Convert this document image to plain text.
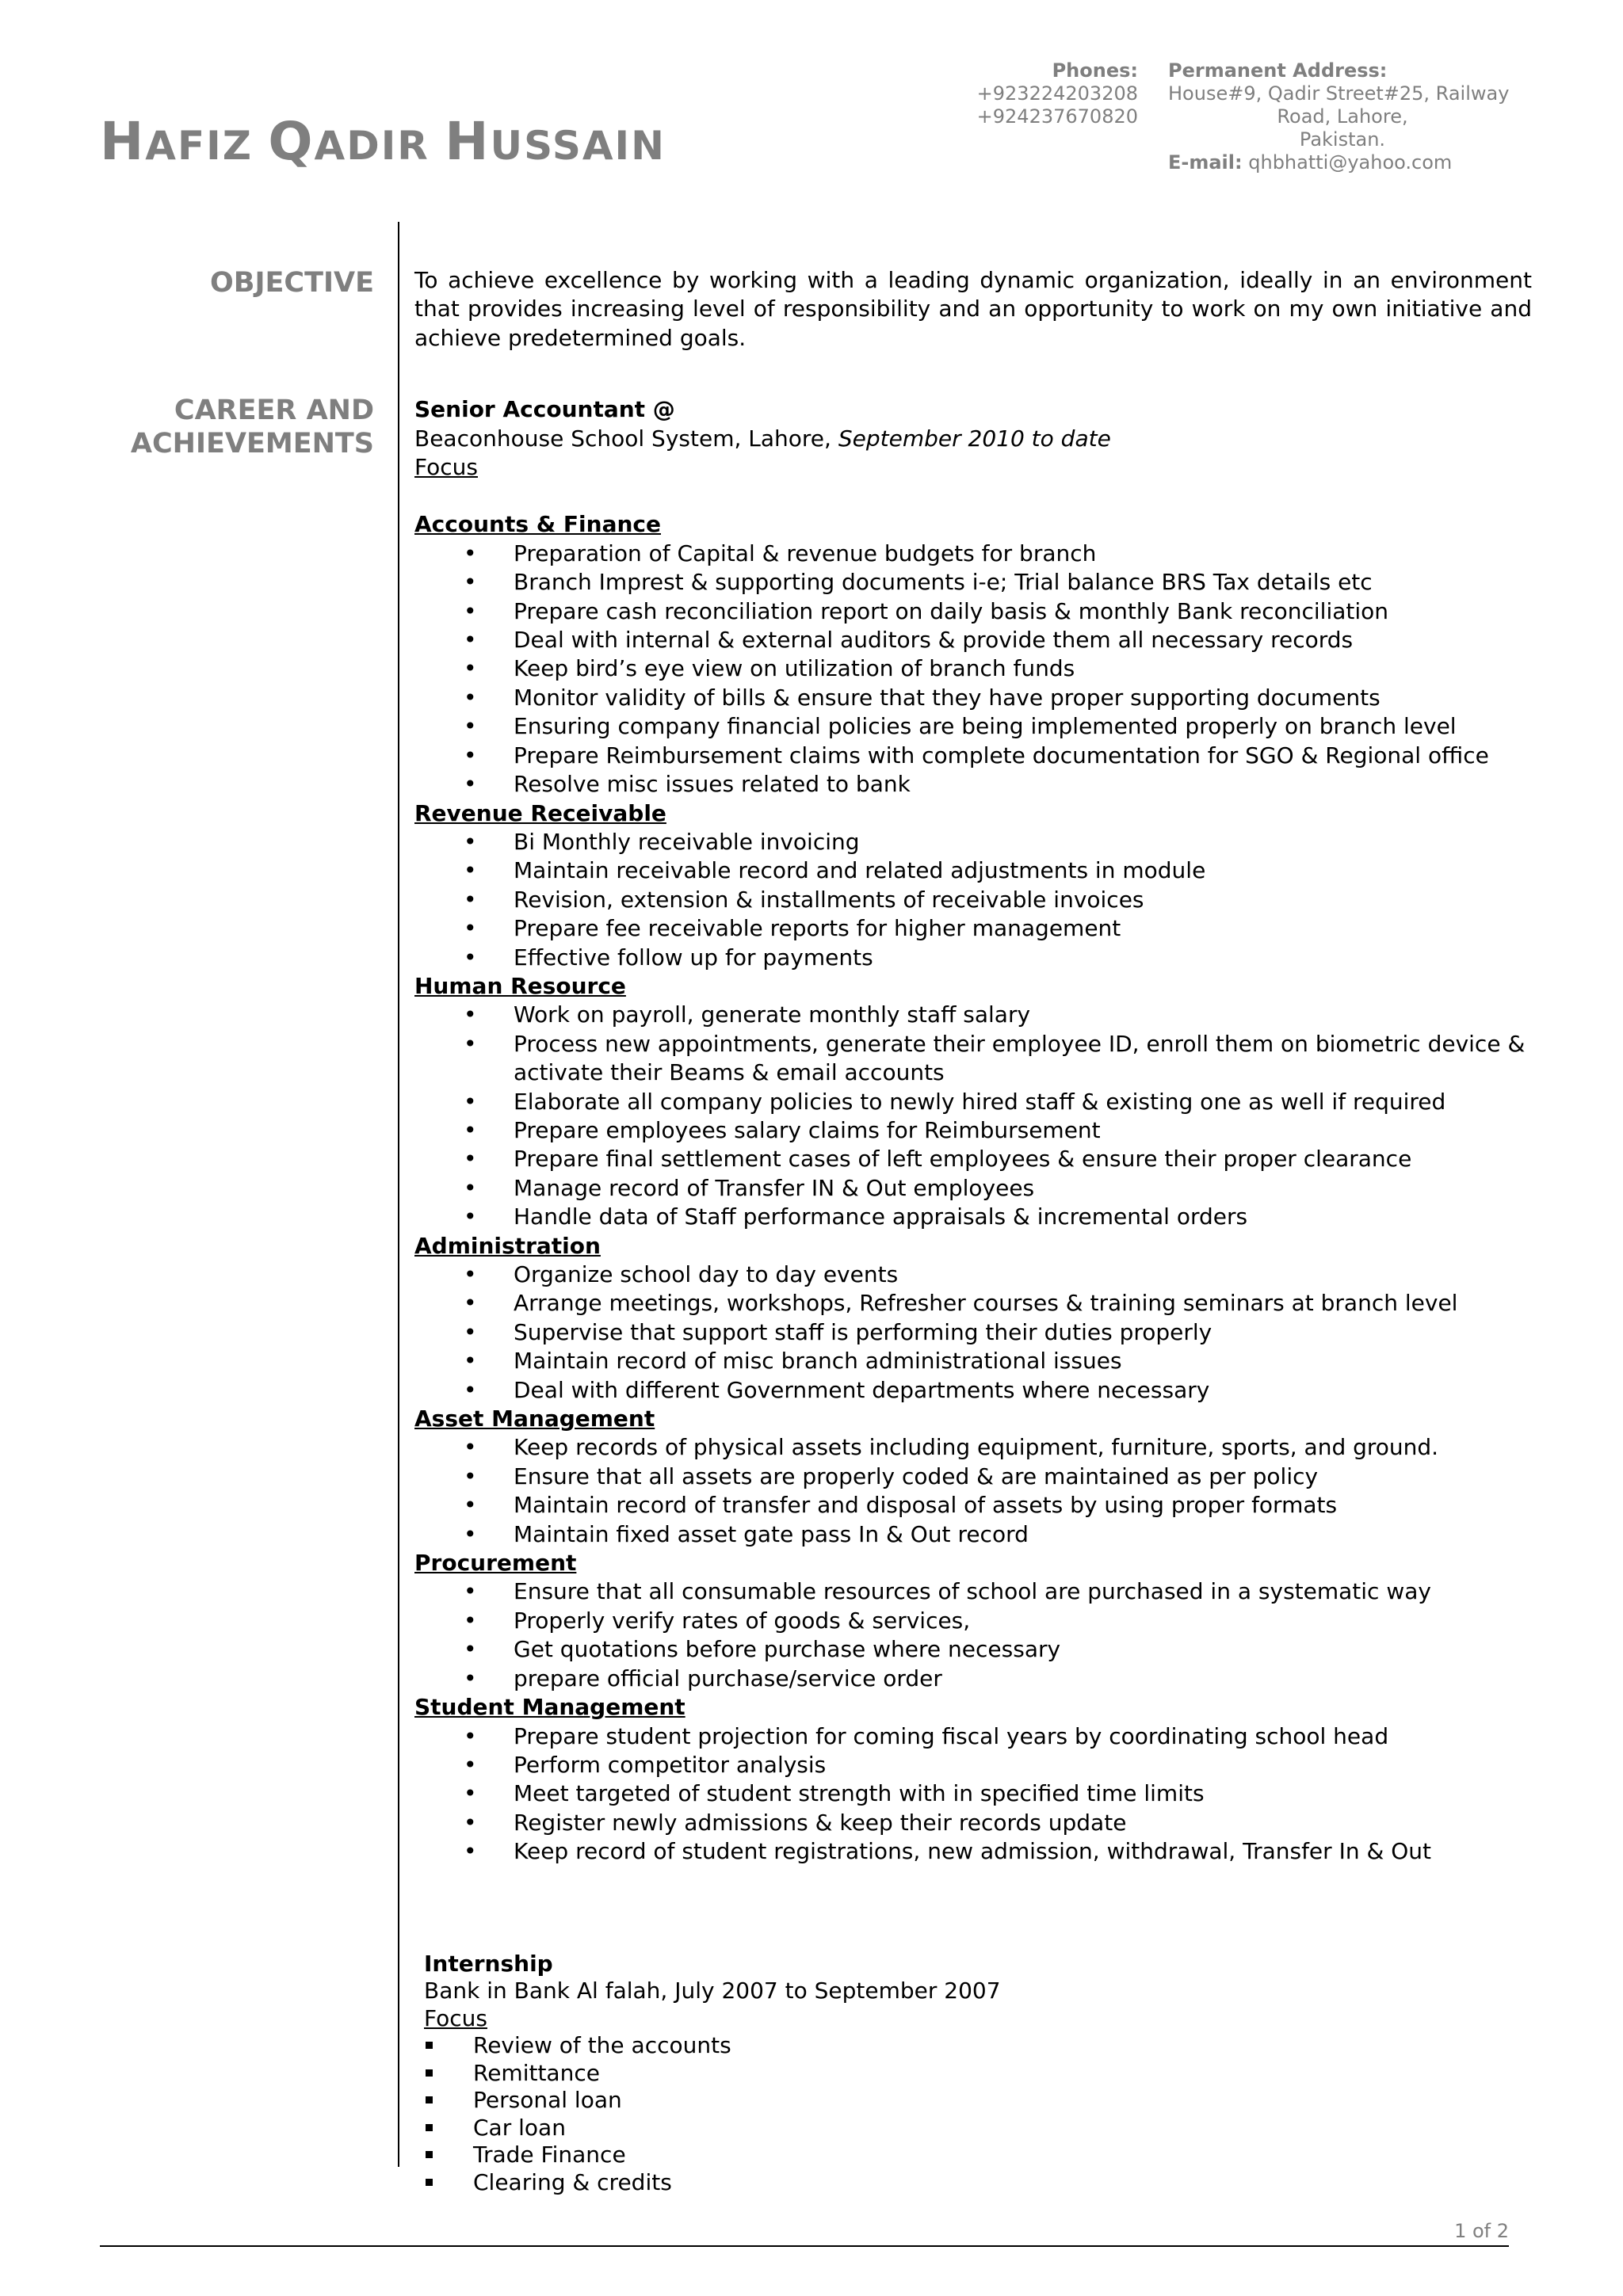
HAFIZ QADIR HUSSAIN
Phones:
+923224203208
+924237670820
Permanent Address:
House#9, Qadir Street#25, Railway
Road, Lahore,
Pakistan.
E-mail: qhbhatti@yahoo.com
OBJECTIVE
CAREER AND
ACHIEVEMENTS

To achieve excellence by working with a leading dynamic organization, ideally in an environment that provides increasing level of responsibility and an opportunity to work on my own initiative and achieve predetermined goals.

Senior Accountant @

Beaconhouse School System, Lahore, September 2010 to date

Focus

Accounts & Finance

• Preparation of Capital & revenue budgets for branch
• Branch Imprest & supporting documents i-e; Trial balance BRS Tax details etc
• Prepare cash reconciliation report on daily basis & monthly Bank reconciliation
• Deal with internal & external auditors & provide them all necessary records
• Keep bird’s eye view on utilization of branch funds
• Monitor validity of bills & ensure that they have proper supporting documents
• Ensuring company financial policies are being implemented properly on branch level
• Prepare Reimbursement claims with complete documentation for SGO & Regional office
• Resolve misc issues related to bank

Revenue Receivable

• Bi Monthly receivable invoicing
• Maintain receivable record and related adjustments in module
• Revision, extension & installments of receivable invoices
• Prepare fee receivable reports for higher management
• Effective follow up for payments

Human Resource

• Work on payroll, generate monthly staff salary
• Process new appointments, generate their employee ID, enroll them on biometric device & activate their Beams & email accounts
• Elaborate all company policies to newly hired staff & existing one as well if required
• Prepare employees salary claims for Reimbursement
• Prepare final settlement cases of left employees & ensure their proper clearance
• Manage record of Transfer IN & Out employees
• Handle data of Staff performance appraisals & incremental orders

Administration

• Organize school day to day events
• Arrange meetings, workshops, Refresher courses & training seminars at branch level
• Supervise that support staff is performing their duties properly
• Maintain record of misc branch administrational issues
• Deal with different Government departments where necessary

Asset Management

• Keep records of physical assets including equipment, furniture, sports, and ground.
• Ensure that all assets are properly coded & are maintained as per policy
• Maintain record of transfer and disposal of assets by using proper formats
• Maintain fixed asset gate pass In & Out record

Procurement

• Ensure that all consumable resources of school are purchased in a systematic way
• Properly verify rates of goods & services,
• Get quotations before purchase where necessary
• prepare official purchase/service order

Student Management

• Prepare student projection for coming fiscal years by coordinating school head
• Perform competitor analysis
• Meet targeted of student strength with in specified time limits
• Register newly admissions & keep their records update
• Keep record of student registrations, new admission, withdrawal, Transfer In & Out

Internship

Bank in Bank Al falah, July 2007 to September 2007

Focus

Review of the accounts
Remittance
Personal loan
Car loan
Trade Finance
Clearing & credits
1 of 2
